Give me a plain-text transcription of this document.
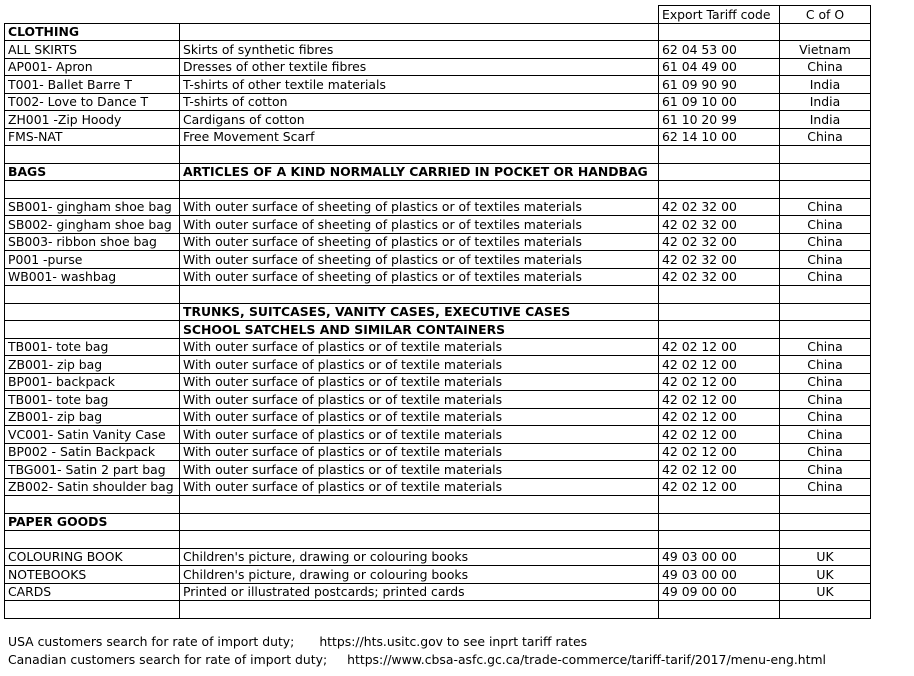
		Export Tariff code	C of O
CLOTHING			
ALL SKIRTS	Skirts of synthetic fibres	62 04 53 00	Vietnam
AP001- Apron	Dresses of other textile fibres	61 04 49 00	China
T001- Ballet Barre T	T-shirts of other textile materials	61 09 90 90	India
T002- Love to Dance T	T-shirts of cotton	61 09 10 00	India
ZH001 -Zip Hoody	Cardigans of cotton	61 10 20 99	India
FMS-NAT	Free Movement Scarf	62 14 10 00	China

BAGS	ARTICLES OF A KIND NORMALLY CARRIED IN POCKET OR HANDBAG		

SB001- gingham shoe bag	With outer surface of sheeting of plastics or of textiles materials	42 02 32 00	China
SB002- gingham shoe bag	With outer surface of sheeting of plastics or of textiles materials	42 02 32 00	China
SB003- ribbon shoe bag	With outer surface of sheeting of plastics or of textiles materials	42 02 32 00	China
P001 -purse	With outer surface of sheeting of plastics or of textiles materials	42 02 32 00	China
WB001- washbag	With outer surface of sheeting of plastics or of textiles materials	42 02 32 00	China

	TRUNKS, SUITCASES, VANITY CASES, EXECUTIVE CASES		
	SCHOOL SATCHELS AND SIMILAR CONTAINERS		
TB001- tote bag	With outer surface of plastics or of textile materials	42 02 12 00	China
ZB001- zip bag	With outer surface of plastics or of textile materials	42 02 12 00	China
BP001- backpack	With outer surface of plastics or of textile materials	42 02 12 00	China
TB001- tote bag	With outer surface of plastics or of textile materials	42 02 12 00	China
ZB001- zip bag	With outer surface of plastics or of textile materials	42 02 12 00	China
VC001- Satin Vanity Case	With outer surface of plastics or of textile materials	42 02 12 00	China
BP002 - Satin Backpack	With outer surface of plastics or of textile materials	42 02 12 00	China
TBG001- Satin 2 part bag	With outer surface of plastics or of textile materials	42 02 12 00	China
ZB002- Satin shoulder bag	With outer surface of plastics or of textile materials	42 02 12 00	China

PAPER GOODS			

COLOURING BOOK	Children's picture, drawing or colouring books	49 03 00 00	UK
NOTEBOOKS	Children's picture, drawing or colouring books	49 03 00 00	UK
CARDS	Printed or illustrated postcards; printed cards	49 09 00 00	UK

USA customers search for rate of import duty; https://hts.usitc.gov to see inprt tariff rates
Canadian customers search for rate of import duty; https://www.cbsa-asfc.gc.ca/trade-commerce/tariff-tarif/2017/menu-eng.html
